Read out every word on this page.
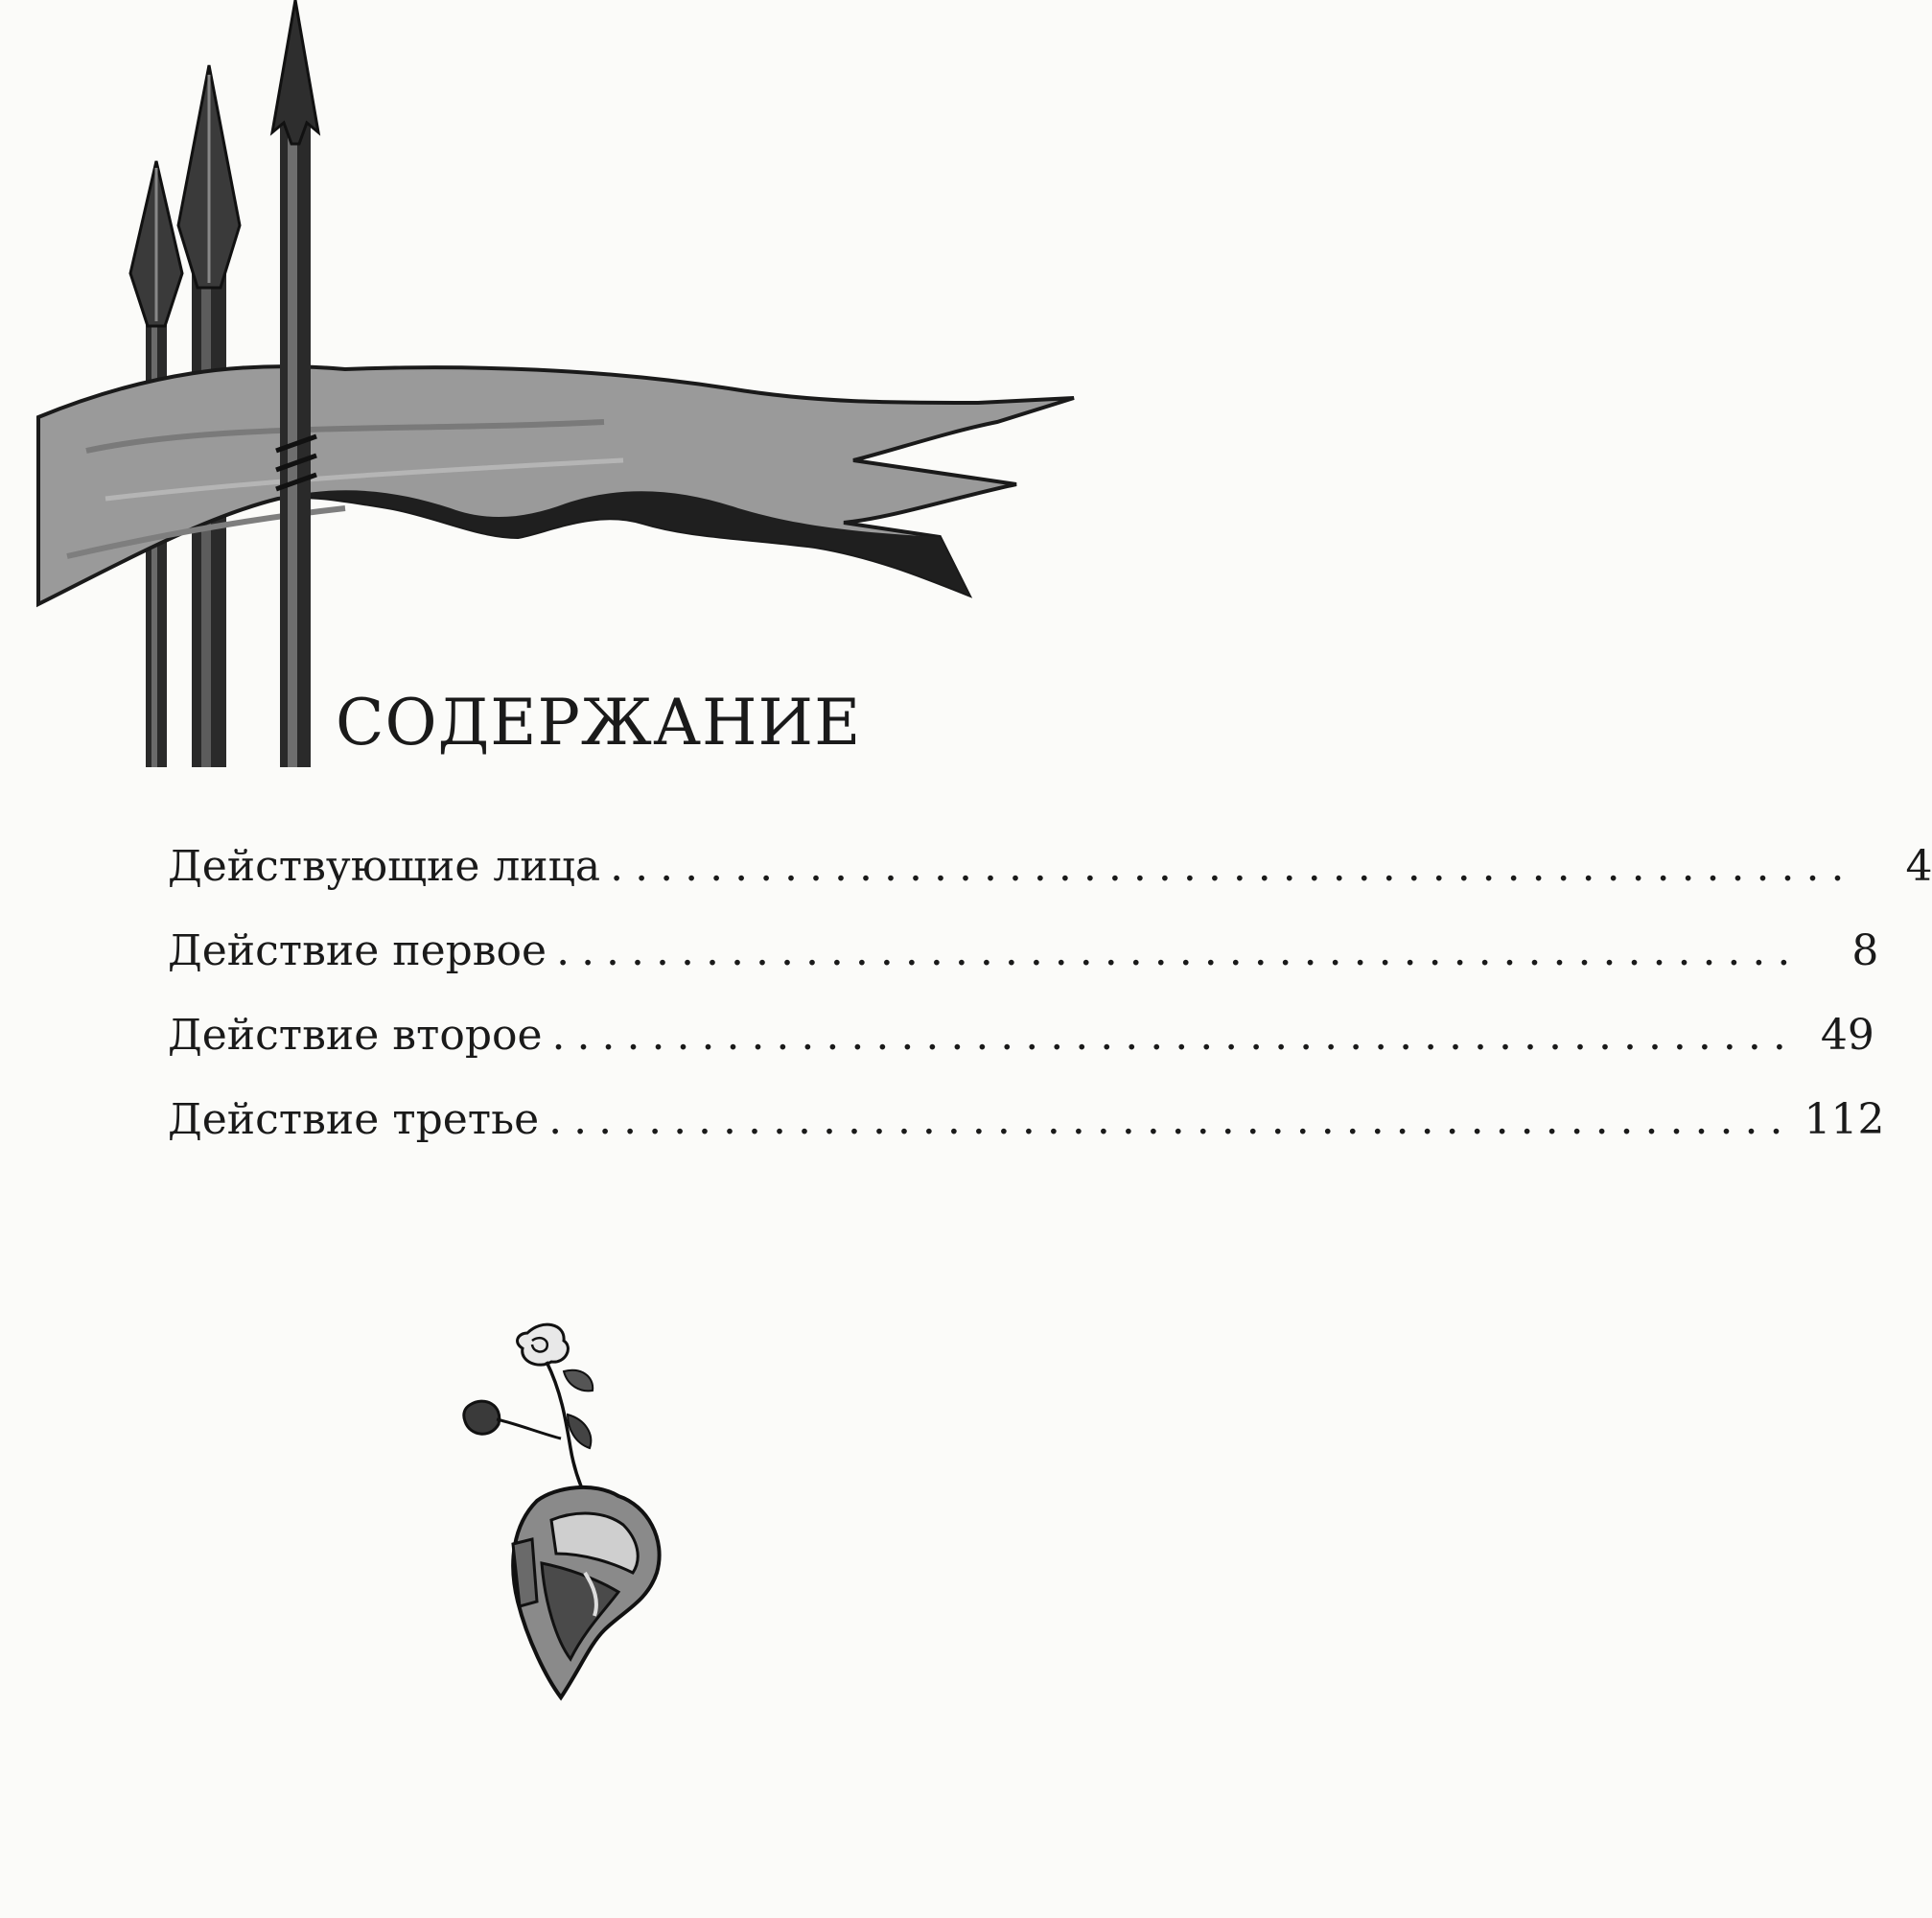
СОДЕРЖАНИЕ
Действующие лица ..................................................	4
Действие первое ..................................................	8
Действие второе .................................................. 49
Действие третье .................................................. 112
